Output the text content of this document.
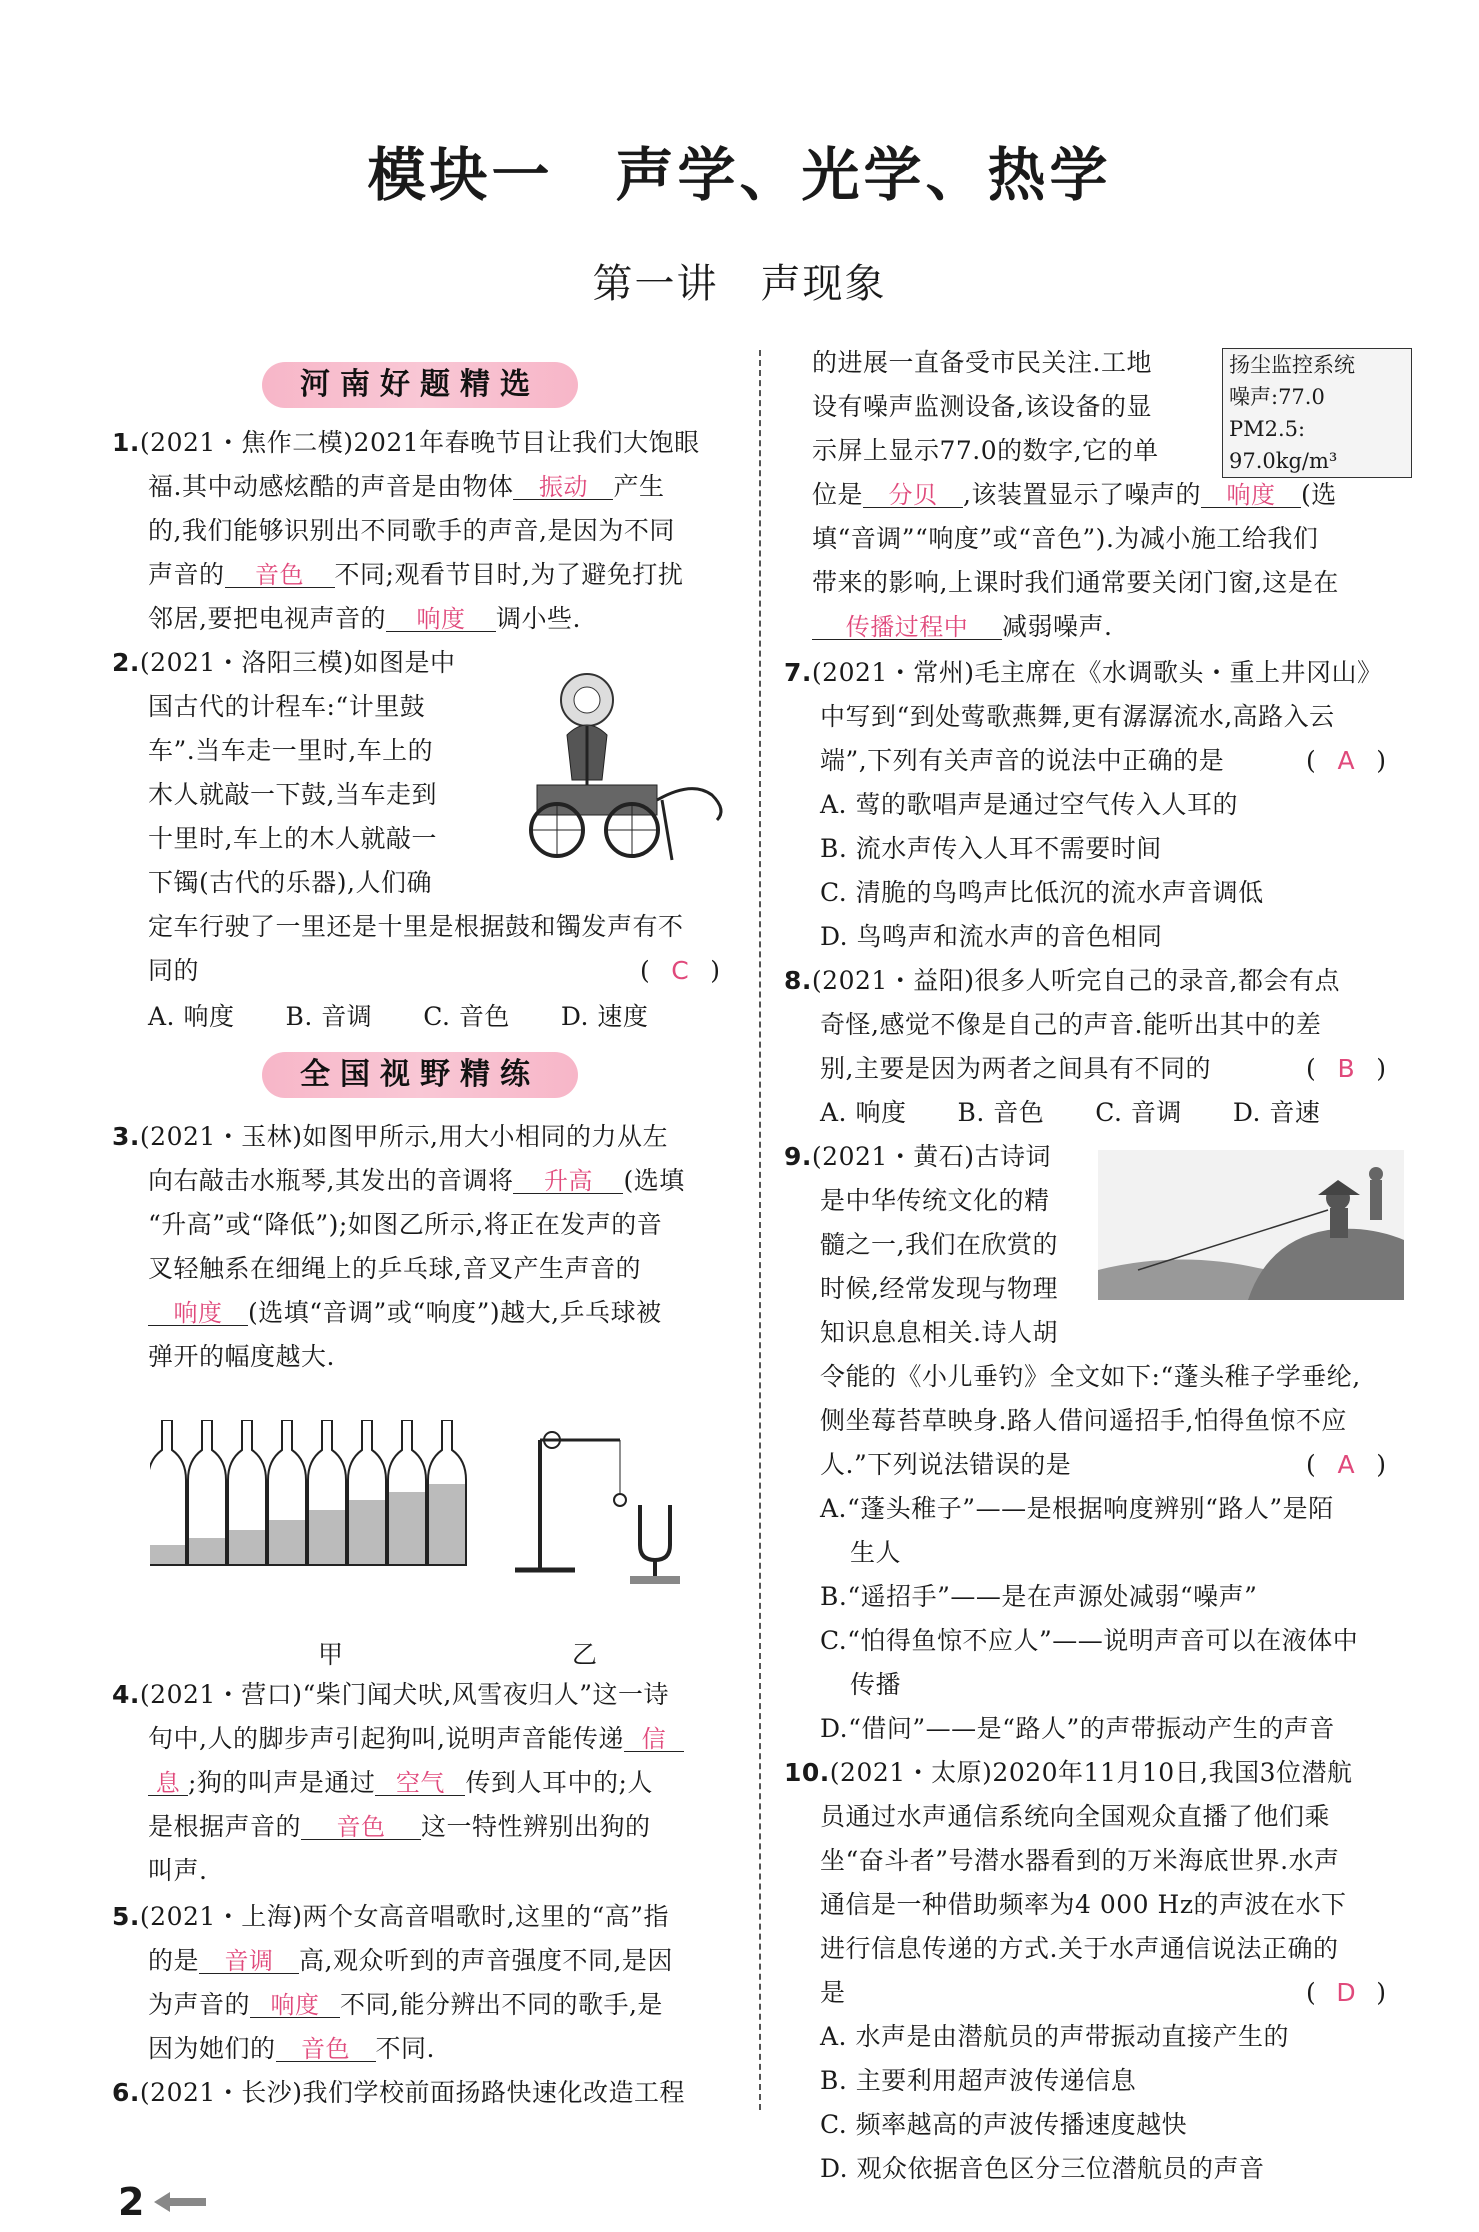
模块一　声学、光学、热学
第一讲　声现象
河南好题精选
1.(2021・焦作二模)2021年春晚节目让我们大饱眼
福.其中动感炫酷的声音是由物体 振动 产生
的,我们能够识别出不同歌手的声音,是因为不同
声音的 音色 不同;观看节目时,为了避免打扰
邻居,要把电视声音的 响度 调小些.
2.(2021・洛阳三模)如图是中
国古代的计程车:“计里鼓
车”.当车走一里时,车上的
木人就敲一下鼓,当车走到
十里时,车上的木人就敲一
下镯(古代的乐器),人们确
定车行驶了一里还是十里是根据鼓和镯发声有不
同的	( C )
A. 响度　　B. 音调　　C. 音色　　D. 速度
全国视野精练
3.(2021・玉林)如图甲所示,用大小相同的力从左
向右敲击水瓶琴,其发出的音调将 升高 (选填
“升高”或“降低”);如图乙所示,将正在发声的音
叉轻触系在细绳上的乒乓球,音叉产生声音的
响度 (选填“音调”或“响度”)越大,乒乓球被
弹开的幅度越大.
甲	乙
4.(2021・营口)“柴门闻犬吠,风雪夜归人”这一诗
句中,人的脚步声引起狗叫,说明声音能传递 信
息 ;狗的叫声是通过 空气 传到人耳中的;人
是根据声音的 音色 这一特性辨别出狗的
叫声.
5.(2021・上海)两个女高音唱歌时,这里的“高”指
的是 音调 高,观众听到的声音强度不同,是因
为声音的 响度 不同,能分辨出不同的歌手,是
因为她们的 音色 不同.
6.(2021・长沙)我们学校前面扬路快速化改造工程
的进展一直备受市民关注.工地
设有噪声监测设备,该设备的显
示屏上显示77.0的数字,它的单
位是 分贝 ,该装置显示了噪声的 响度 (选
填“音调”“响度”或“音色”).为减小施工给我们
带来的影响,上课时我们通常要关闭门窗,这是在
传播过程中 减弱噪声.
扬尘监控系统
噪声:77.0
PM2.5: 97.0kg/m³
7.(2021・常州)毛主席在《水调歌头・重上井冈山》
中写到“到处莺歌燕舞,更有潺潺流水,高路入云
端”,下列有关声音的说法中正确的是	( A )
A. 莺的歌唱声是通过空气传入人耳的
B. 流水声传入人耳不需要时间
C. 清脆的鸟鸣声比低沉的流水声音调低
D. 鸟鸣声和流水声的音色相同
8.(2021・益阳)很多人听完自己的录音,都会有点
奇怪,感觉不像是自己的声音.能听出其中的差
别,主要是因为两者之间具有不同的	( B )
A. 响度　　B. 音色　　C. 音调　　D. 音速
9.(2021・黄石)古诗词
是中华传统文化的精
髓之一,我们在欣赏的
时候,经常发现与物理
知识息息相关.诗人胡
令能的《小儿垂钓》全文如下:“蓬头稚子学垂纶,
侧坐莓苔草映身.路人借问遥招手,怕得鱼惊不应
人.”下列说法错误的是	( A )
A.“蓬头稚子”——是根据响度辨别“路人”是陌
生人
B.“遥招手”——是在声源处减弱“噪声”
C.“怕得鱼惊不应人”——说明声音可以在液体中
传播
D.“借问”——是“路人”的声带振动产生的声音
10.(2021・太原)2020年11月10日,我国3位潜航
员通过水声通信系统向全国观众直播了他们乘
坐“奋斗者”号潜水器看到的万米海底世界.水声
通信是一种借助频率为4 000 Hz的声波在水下
进行信息传递的方式.关于水声通信说法正确的
是	( D )
A. 水声是由潜航员的声带振动直接产生的
B. 主要利用超声波传递信息
C. 频率越高的声波传播速度越快
D. 观众依据音色区分三位潜航员的声音
2
